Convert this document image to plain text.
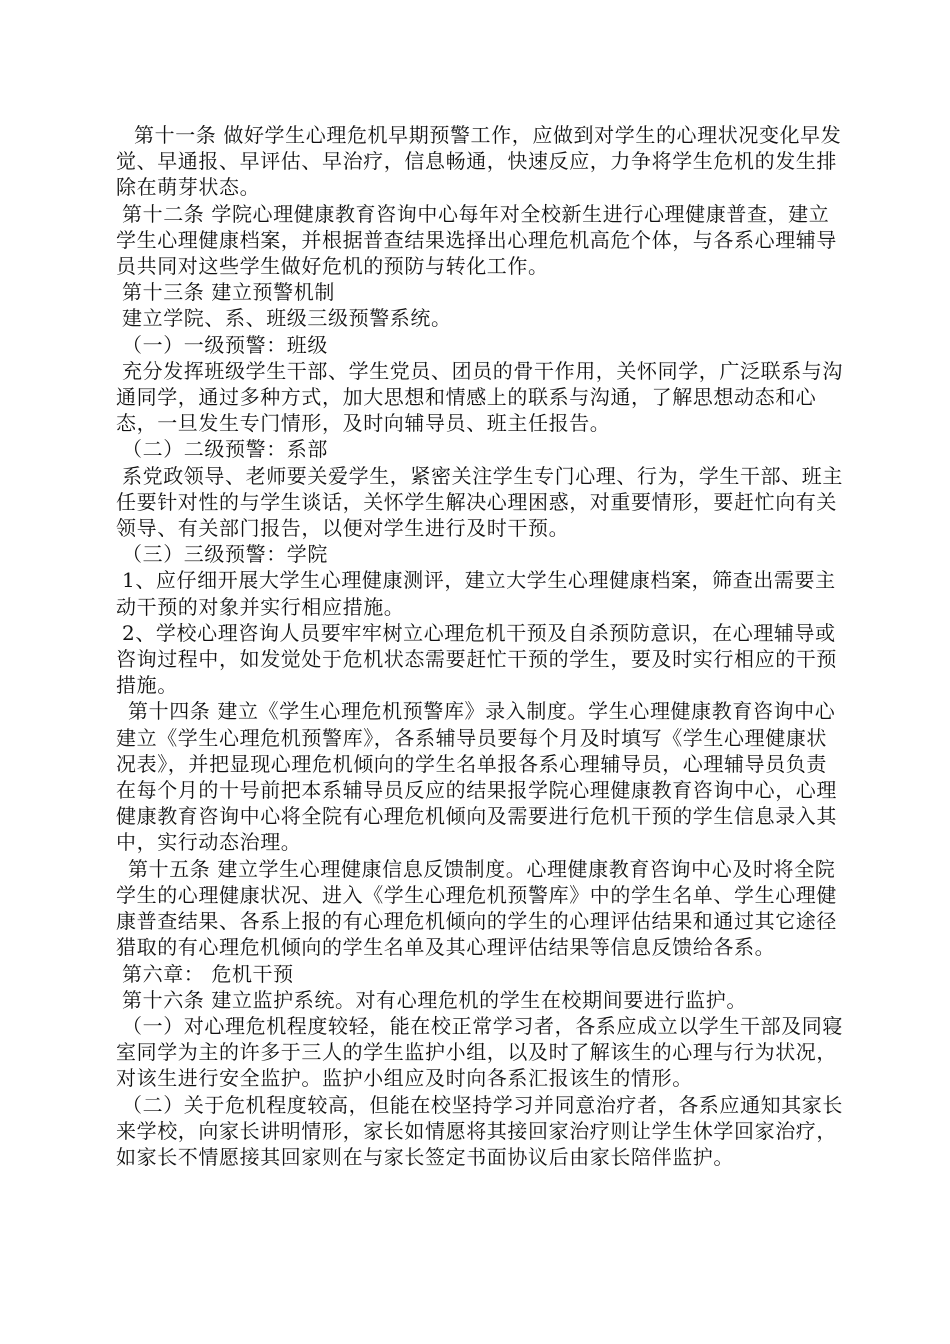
第十一条 做好学生心理危机早期预警工作，应做到对学生的心理状况变化早发觉、早通报、早评估、早治疗，信息畅通，快速反应，力争将学生危机的发生排除在萌芽状态。

第十二条 学院心理健康教育咨询中心每年对全校新生进行心理健康普查，建立学生心理健康档案，并根据普查结果选择出心理危机高危个体，与各系心理辅导员共同对这些学生做好危机的预防与转化工作。

第十三条 建立预警机制

建立学院、系、班级三级预警系统。

（一）一级预警：班级

充分发挥班级学生干部、学生党员、团员的骨干作用，关怀同学，广泛联系与沟通同学，通过多种方式，加大思想和情感上的联系与沟通，了解思想动态和心态，一旦发生专门情形，及时向辅导员、班主任报告。

（二）二级预警：系部

系党政领导、老师要关爱学生，紧密关注学生专门心理、行为，学生干部、班主任要针对性的与学生谈话，关怀学生解决心理困惑，对重要情形，要赶忙向有关领导、有关部门报告，以便对学生进行及时干预。

（三）三级预警：学院

1、应仔细开展大学生心理健康测评，建立大学生心理健康档案，筛查出需要主动干预的对象并实行相应措施。

2、学校心理咨询人员要牢牢树立心理危机干预及自杀预防意识，在心理辅导或咨询过程中，如发觉处于危机状态需要赶忙干预的学生，要及时实行相应的干预措施。

第十四条 建立《学生心理危机预警库》录入制度。学生心理健康教育咨询中心建立《学生心理危机预警库》，各系辅导员要每个月及时填写《学生心理健康状况表》，并把显现心理危机倾向的学生名单报各系心理辅导员，心理辅导员负责在每个月的十号前把本系辅导员反应的结果报学院心理健康教育咨询中心，心理健康教育咨询中心将全院有心理危机倾向及需要进行危机干预的学生信息录入其中，实行动态治理。

第十五条 建立学生心理健康信息反馈制度。心理健康教育咨询中心及时将全院学生的心理健康状况、进入《学生心理危机预警库》中的学生名单、学生心理健康普查结果、各系上报的有心理危机倾向的学生的心理评估结果和通过其它途径猎取的有心理危机倾向的学生名单及其心理评估结果等信息反馈给各系。

第六章： 危机干预

第十六条 建立监护系统。对有心理危机的学生在校期间要进行监护。

（一）对心理危机程度较轻，能在校正常学习者，各系应成立以学生干部及同寝室同学为主的许多于三人的学生监护小组，以及时了解该生的心理与行为状况，对该生进行安全监护。监护小组应及时向各系汇报该生的情形。

（二）关于危机程度较高，但能在校坚持学习并同意治疗者，各系应通知其家长来学校，向家长讲明情形，家长如情愿将其接回家治疗则让学生休学回家治疗，如家长不情愿接其回家则在与家长签定书面协议后由家长陪伴监护。
